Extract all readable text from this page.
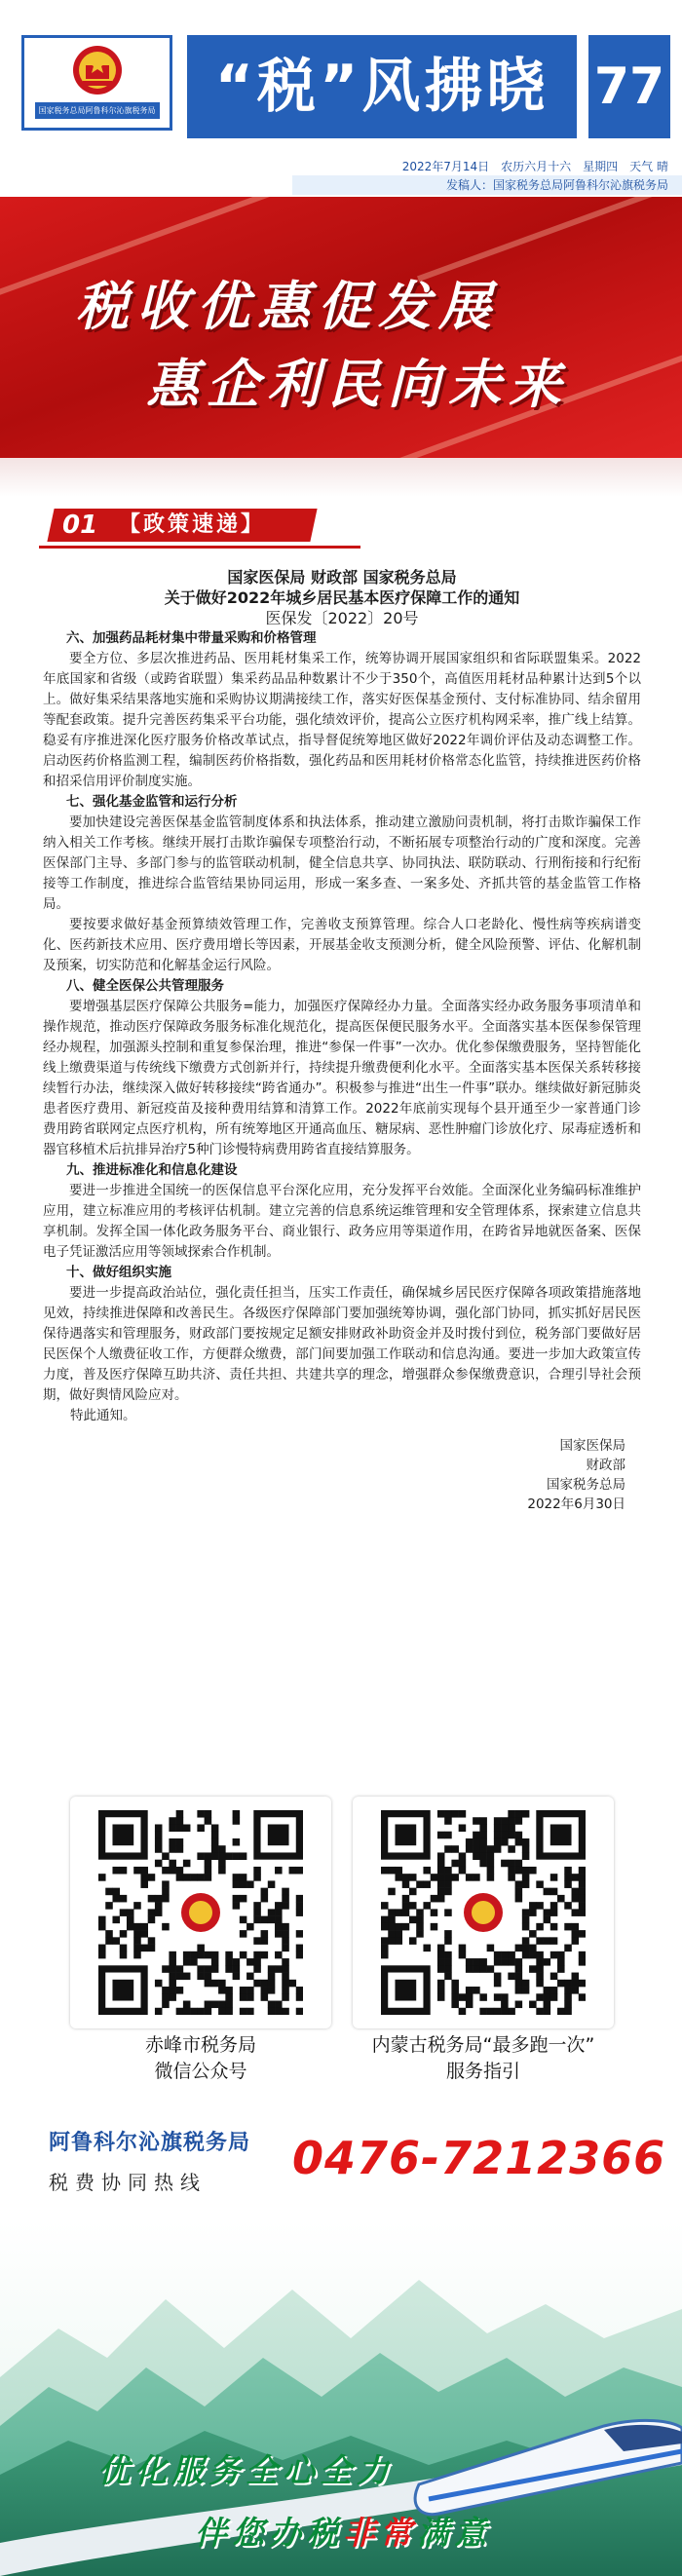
国家税务总局阿鲁科尔沁旗税务局	“税”风拂晓 77
2022年7月14日　农历六月十六　星期四　天气 晴
发稿人：国家税务总局阿鲁科尔沁旗税务局
税收优惠促发展
惠企利民向未来
01 【政策速递】
国家医保局 财政部 国家税务总局
关于做好2022年城乡居民基本医疗保障工作的通知
医保发〔2022〕20号
六、加强药品耗材集中带量采购和价格管理

要全方位、多层次推进药品、医用耗材集采工作，统筹协调开展国家组织和省际联盟集采。2022年底国家和省级（或跨省联盟）集采药品品种数累计不少于350个，高值医用耗材品种累计达到5个以上。做好集采结果落地实施和采购协议期满接续工作，落实好医保基金预付、支付标准协同、结余留用等配套政策。提升完善医药集采平台功能，强化绩效评价，提高公立医疗机构网采率，推广线上结算。稳妥有序推进深化医疗服务价格改革试点，指导督促统筹地区做好2022年调价评估及动态调整工作。启动医药价格监测工程，编制医药价格指数，强化药品和医用耗材价格常态化监管，持续推进医药价格和招采信用评价制度实施。

七、强化基金监管和运行分析

要加快建设完善医保基金监管制度体系和执法体系，推动建立激励问责机制，将打击欺诈骗保工作纳入相关工作考核。继续开展打击欺诈骗保专项整治行动，不断拓展专项整治行动的广度和深度。完善医保部门主导、多部门参与的监管联动机制，健全信息共享、协同执法、联防联动、行刑衔接和行纪衔接等工作制度，推进综合监管结果协同运用，形成一案多查、一案多处、齐抓共管的基金监管工作格局。

要按要求做好基金预算绩效管理工作，完善收支预算管理。综合人口老龄化、慢性病等疾病谱变化、医药新技术应用、医疗费用增长等因素，开展基金收支预测分析，健全风险预警、评估、化解机制及预案，切实防范和化解基金运行风险。

八、健全医保公共管理服务

要增强基层医疗保障公共服务=能力，加强医疗保障经办力量。全面落实经办政务服务事项清单和操作规范，推动医疗保障政务服务标准化规范化，提高医保便民服务水平。全面落实基本医保参保管理经办规程，加强源头控制和重复参保治理，推进“参保一件事”一次办。优化参保缴费服务，坚持智能化线上缴费渠道与传统线下缴费方式创新并行，持续提升缴费便利化水平。全面落实基本医保关系转移接续暂行办法，继续深入做好转移接续“跨省通办”。积极参与推进“出生一件事”联办。继续做好新冠肺炎患者医疗费用、新冠疫苗及接种费用结算和清算工作。2022年底前实现每个县开通至少一家普通门诊费用跨省联网定点医疗机构，所有统筹地区开通高血压、糖尿病、恶性肿瘤门诊放化疗、尿毒症透析和器官移植术后抗排异治疗5种门诊慢特病费用跨省直接结算服务。

九、推进标准化和信息化建设

要进一步推进全国统一的医保信息平台深化应用，充分发挥平台效能。全面深化业务编码标准维护应用，建立标准应用的考核评估机制。建立完善的信息系统运维管理和安全管理体系，探索建立信息共享机制。发挥全国一体化政务服务平台、商业银行、政务应用等渠道作用，在跨省异地就医备案、医保电子凭证激活应用等领域探索合作机制。

十、做好组织实施

要进一步提高政治站位，强化责任担当，压实工作责任，确保城乡居民医疗保障各项政策措施落地见效，持续推进保障和改善民生。各级医疗保障部门要加强统筹协调，强化部门协同，抓实抓好居民医保待遇落实和管理服务，财政部门要按规定足额安排财政补助资金并及时拨付到位，税务部门要做好居民医保个人缴费征收工作，方便群众缴费，部门间要加强工作联动和信息沟通。要进一步加大政策宣传力度，普及医疗保障互助共济、责任共担、共建共享的理念，增强群众参保缴费意识，合理引导社会预期，做好舆情风险应对。

特此通知。
国家医保局
财政部
国家税务总局
2022年6月30日
赤峰市税务局
微信公众号
内蒙古税务局“最多跑一次”
服务指引
阿鲁科尔沁旗税务局
税费协同热线 0476-7212366
优化服务全心全力
伴您办税非常满意
